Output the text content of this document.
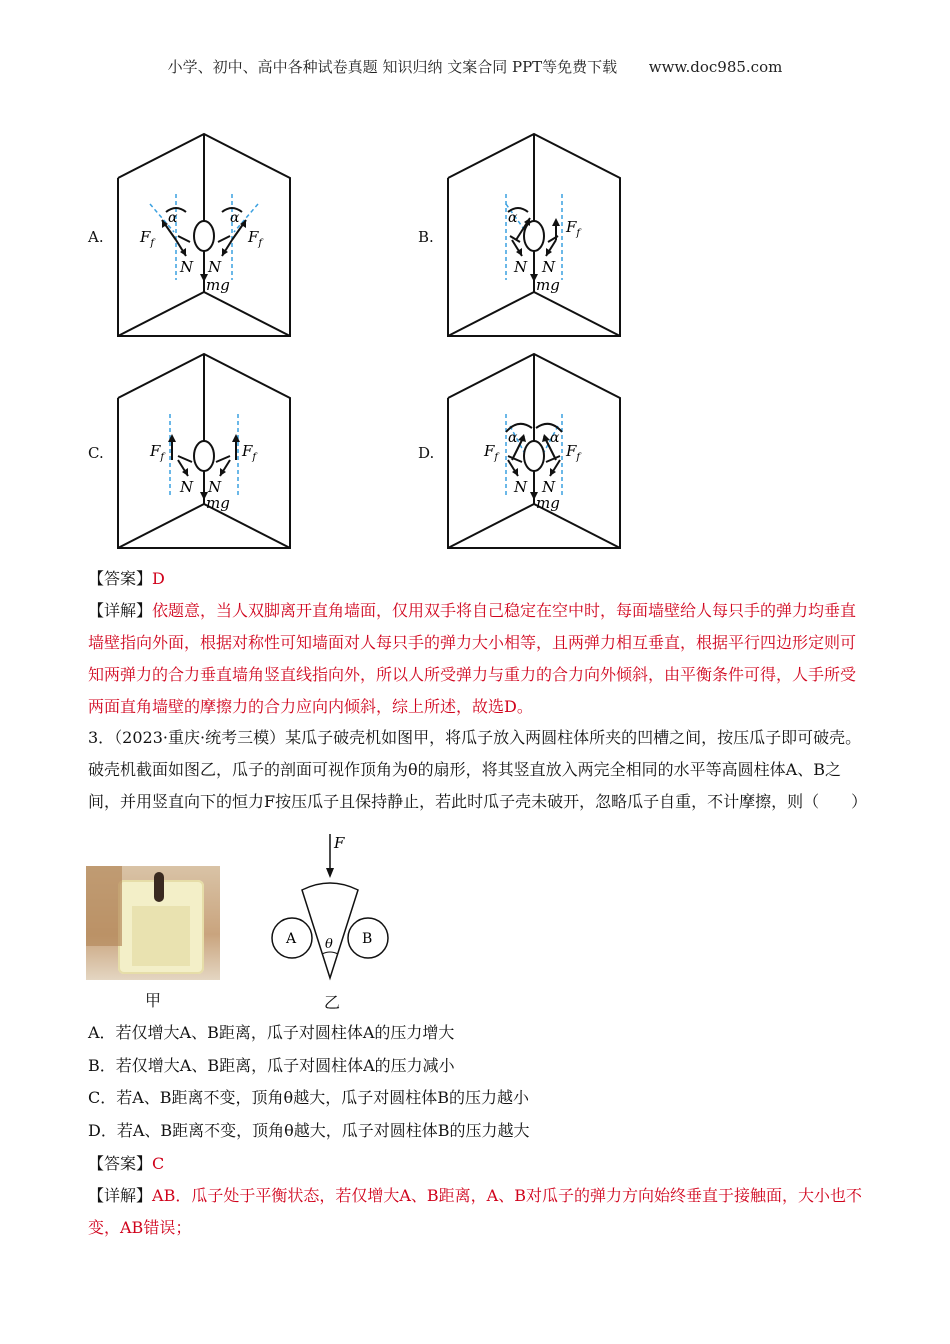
小学、初中、高中各种试卷真题 知识归纳 文案合同 PPT等免费下载 www.doc985.com
A.	B.
C.	D.
$F_f$	$F_f$
α	α
N N
mg
$F_f$
α
N N
mg
$F_f$	$F_f$
N N
mg
$F_f$	$F_f$
α α
N N
mg
【答案】D
【详解】依题意，当人双脚离开直角墙面，仅用双手将自己稳定在空中时，每面墙壁给人每只手的弹力均垂直墙壁指向外面，根据对称性可知墙面对人每只手的弹力大小相等，且两弹力相互垂直，根据平行四边形定则可知两弹力的合力垂直墙角竖直线指向外，所以人所受弹力与重力的合力向外倾斜，由平衡条件可得，人手所受两面直角墙壁的摩擦力的合力应向内倾斜，综上所述，故选D。
3．（2023·重庆·统考三模）某瓜子破壳机如图甲，将瓜子放入两圆柱体所夹的凹槽之间，按压瓜子即可破壳。破壳机截面如图乙，瓜子的剖面可视作顶角为θ的扇形，将其竖直放入两完全相同的水平等高圆柱体A、B之间，并用竖直向下的恒力F按压瓜子且保持静止，若此时瓜子壳未破开，忽略瓜子自重，不计摩擦，则（　　）
甲
F
A	B
θ
乙
A．若仅增大A、B距离，瓜子对圆柱体A的压力增大
B．若仅增大A、B距离，瓜子对圆柱体A的压力减小
C．若A、B距离不变，顶角θ越大，瓜子对圆柱体B的压力越小
D．若A、B距离不变，顶角θ越大，瓜子对圆柱体B的压力越大
【答案】C
【详解】AB．瓜子处于平衡状态，若仅增大A、B距离，A、B对瓜子的弹力方向始终垂直于接触面，大小也不变，AB错误；
